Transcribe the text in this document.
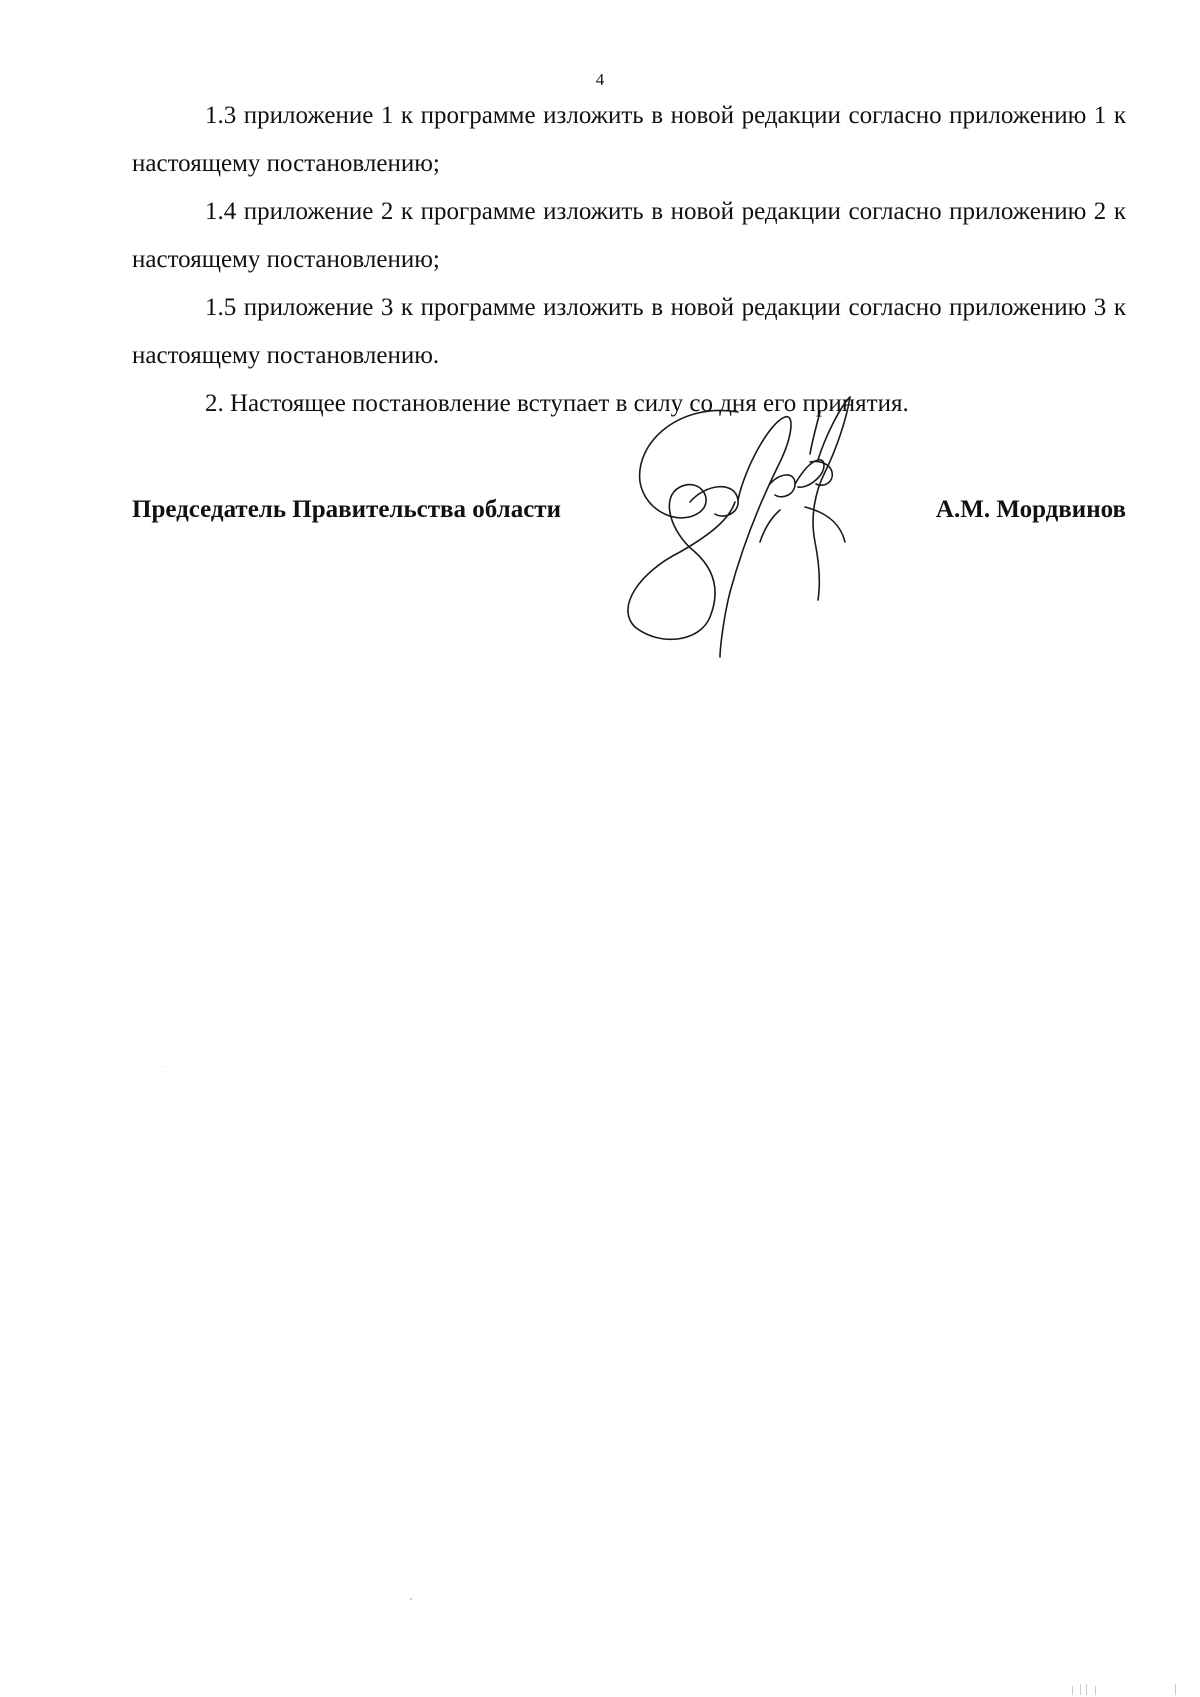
4

1.3 приложение 1 к программе изложить в новой редакции согласно приложению 1 к настоящему постановлению;

1.4 приложение 2 к программе изложить в новой редакции согласно приложению 2 к настоящему постановлению;

1.5 приложение 3 к программе изложить в новой редакции согласно приложению 3 к настоящему постановлению.

2. Настоящее постановление вступает в силу со дня его принятия.

Председатель Правительства области	А.М. Мордвинов
